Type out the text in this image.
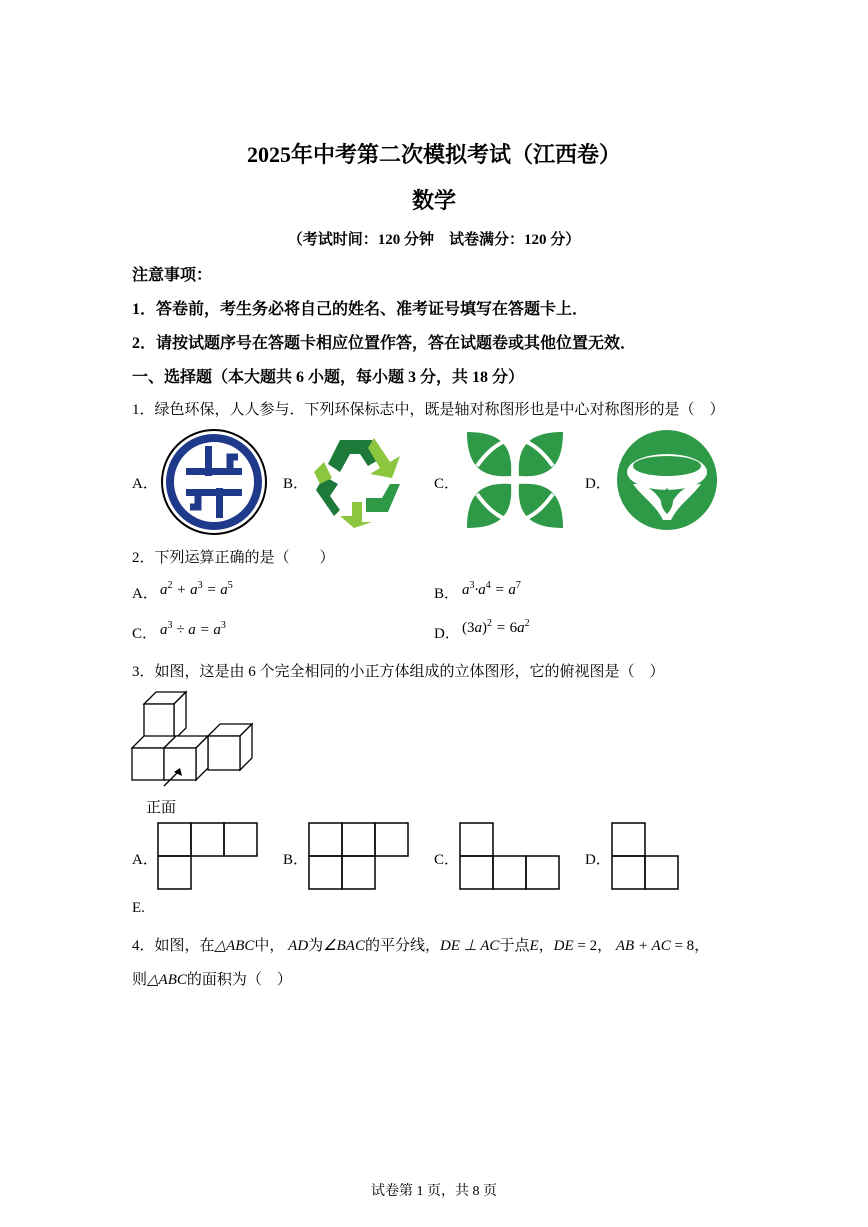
2025年中考第二次模拟考试（江西卷）
数学
（考试时间：120 分钟　试卷满分：120 分）
注意事项：
1．答卷前，考生务必将自己的姓名、准考证号填写在答题卡上．
2．请按试题序号在答题卡相应位置作答，答在试题卷或其他位置无效．
一、选择题（本大题共 6 小题，每小题 3 分，共 18 分）
1．绿色环保，人人参与．下列环保标志中，既是轴对称图形也是中心对称图形的是（　）
A．	B．	C．	D．
2．下列运算正确的是（　　）
A． $a^2 + a^3 = a^5$
B． $a^3\cdot a^4 = a^7$
C． $a^3 \div a = a^3$
D． $(3a)^2 = 6a^2$
3．如图，这是由 6 个完全相同的小正方体组成的立体图形，它的俯视图是（　）
正面
A．	B．	C．	D．
E.
4．如图，在△ABC中， AD为∠BAC的平分线，DE ⊥ AC于点E，DE = 2， AB + AC = 8，
则△ABC的面积为（　）
试卷第 1 页，共 8 页
